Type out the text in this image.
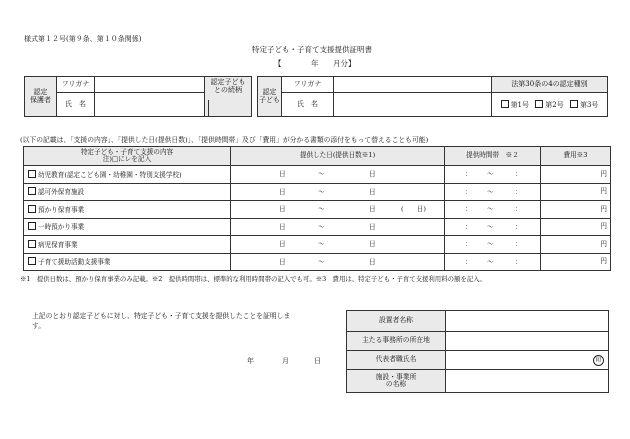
様式第１２号(第９条、第１０条関係)
特定子ども・子育て支援提供証明書
【	年 月分】
認定
保護者	フリガナ		認定子ども
との続柄
	氏　名		
認定
子ども	フリガナ		法第30条の4の認定種別
	氏　名		第1号 第2号 第3号
(以下の記載は、「支援の内容」、「提供した日(提供日数)」、「提供時間帯」及び「費用」が分かる書類の添付をもって替えることも可能)
特定子ども・子育て支援の内容
注)□にレを記入	提供した日(提供日数※1)	提供時間帯　※２	費用※3
幼児教育(認定こども園・幼稚園・特別支援学校)	日 ～ 日	： ～ ：	円
認可外保育施設	日 ～ 日	： ～ ：	円
預かり保育事業	日 ～ 日 (　　日)	： ～ ：	円
一時預かり事業	日 ～ 日	： ～ ：	円
病児保育事業	日 ～ 日	： ～ ：	円
子育て援助活動支援事業	日 ～ 日	： ～ ：	円
※1　提供日数は、預かり保育事業のみ記載。※2　提供時間帯は、標準的な利用時間帯の記入でも可。※3　費用は、特定子ども・子育て支援利用料の額を記入。
上記のとおり認定子どもに対し、特定子ども・子育て支援を提供したことを証明しま
す。
年	月	日
設置者名称	
主たる事務所の所在地	
代表者職氏名	印
施設・事業所
の名称	
